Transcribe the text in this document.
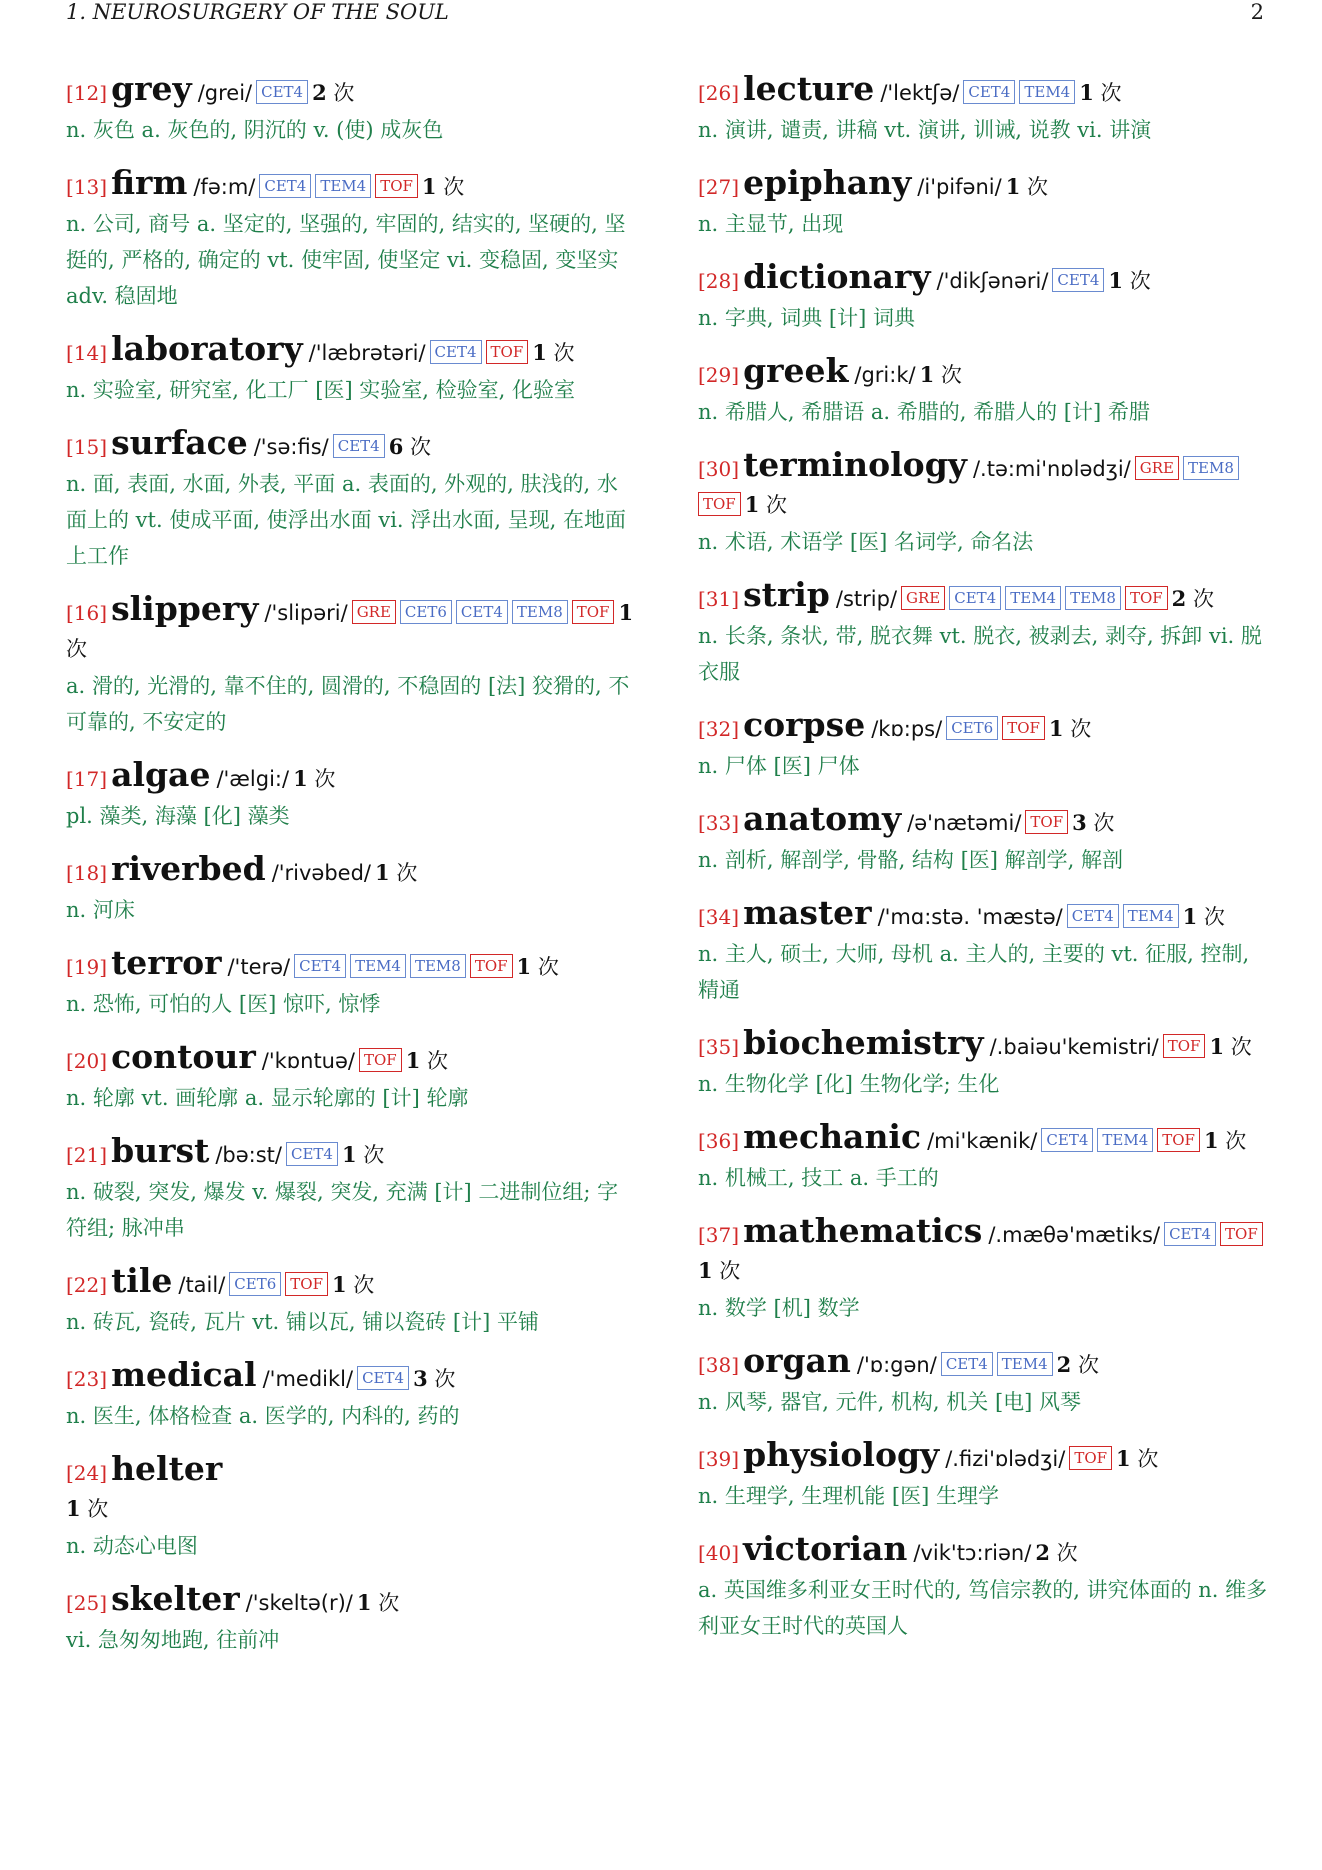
1. NEUROSURGERY OF THE SOUL	2
[12] grey /grei/ CET4 2 次
n. 灰色 a. 灰色的, 阴沉的 v. (使) 成灰色
[13] firm /fə:m/ CET4 TEM4 TOF 1 次
n. 公司, 商号 a. 坚定的, 坚强的, 牢固的, 结实的, 坚硬的, 坚挺的, 严格的, 确定的 vt. 使牢固, 使坚定 vi. 变稳固, 变坚实 adv. 稳固地
[14] laboratory /'læbrətəri/ CET4 TOF 1 次
n. 实验室, 研究室, 化工厂 [医] 实验室, 检验室, 化验室
[15] surface /'sə:fis/ CET4 6 次
n. 面, 表面, 水面, 外表, 平面 a. 表面的, 外观的, 肤浅的, 水面上的 vt. 使成平面, 使浮出水面 vi. 浮出水面, 呈现, 在地面上工作
[16] slippery /'slipəri/ GRE CET6 CET4 TEM8 TOF 1 次
a. 滑的, 光滑的, 靠不住的, 圆滑的, 不稳固的 [法] 狡猾的, 不可靠的, 不安定的
[17] algae /'ælgi:/ 1 次
pl. 藻类, 海藻 [化] 藻类
[18] riverbed /'rivəbed/ 1 次
n. 河床
[19] terror /'terə/ CET4 TEM4 TEM8 TOF 1 次
n. 恐怖, 可怕的人 [医] 惊吓, 惊悸
[20] contour /'kɒntuə/ TOF 1 次
n. 轮廓 vt. 画轮廓 a. 显示轮廓的 [计] 轮廓
[21] burst /bə:st/ CET4 1 次
n. 破裂, 突发, 爆发 v. 爆裂, 突发, 充满 [计] 二进制位组; 字符组; 脉冲串
[22] tile /tail/ CET6 TOF 1 次
n. 砖瓦, 瓷砖, 瓦片 vt. 铺以瓦, 铺以瓷砖 [计] 平铺
[23] medical /'medikl/ CET4 3 次
n. 医生, 体格检查 a. 医学的, 内科的, 药的
[24] helter
1 次
n. 动态心电图
[25] skelter /'skeltə(r)/ 1 次
vi. 急匆匆地跑, 往前冲
[26] lecture /'lektʃə/ CET4 TEM4 1 次
n. 演讲, 谴责, 讲稿 vt. 演讲, 训诫, 说教 vi. 讲演
[27] epiphany /i'pifəni/ 1 次
n. 主显节, 出现
[28] dictionary /'dikʃənəri/ CET4 1 次
n. 字典, 词典 [计] 词典
[29] greek /gri:k/ 1 次
n. 希腊人, 希腊语 a. 希腊的, 希腊人的 [计] 希腊
[30] terminology /.tə:mi'nɒlədʒi/ GRE TEM8TOF 1 次
n. 术语, 术语学 [医] 名词学, 命名法
[31] strip /strip/ GRE CET4 TEM4 TEM8 TOF 2 次
n. 长条, 条状, 带, 脱衣舞 vt. 脱衣, 被剥去, 剥夺, 拆卸 vi. 脱衣服
[32] corpse /kɒ:ps/ CET6 TOF 1 次
n. 尸体 [医] 尸体
[33] anatomy /ə'nætəmi/ TOF 3 次
n. 剖析, 解剖学, 骨骼, 结构 [医] 解剖学, 解剖
[34] master /'mɑ:stə. 'mæstə/ CET4 TEM4 1 次
n. 主人, 硕士, 大师, 母机 a. 主人的, 主要的 vt. 征服, 控制, 精通
[35] biochemistry /.baiəu'kemistri/ TOF 1 次
n. 生物化学 [化] 生物化学; 生化
[36] mechanic /mi'kænik/ CET4 TEM4 TOF 1 次
n. 机械工, 技工 a. 手工的
[37] mathematics /.mæθə'mætiks/ CET4 TOF1 次
n. 数学 [机] 数学
[38] organ /'ɒ:gən/ CET4 TEM4 2 次
n. 风琴, 器官, 元件, 机构, 机关 [电] 风琴
[39] physiology /.fizi'ɒlədʒi/ TOF 1 次
n. 生理学, 生理机能 [医] 生理学
[40] victorian /vik'tɔ:riən/ 2 次
a. 英国维多利亚女王时代的, 笃信宗教的, 讲究体面的 n. 维多利亚女王时代的英国人
